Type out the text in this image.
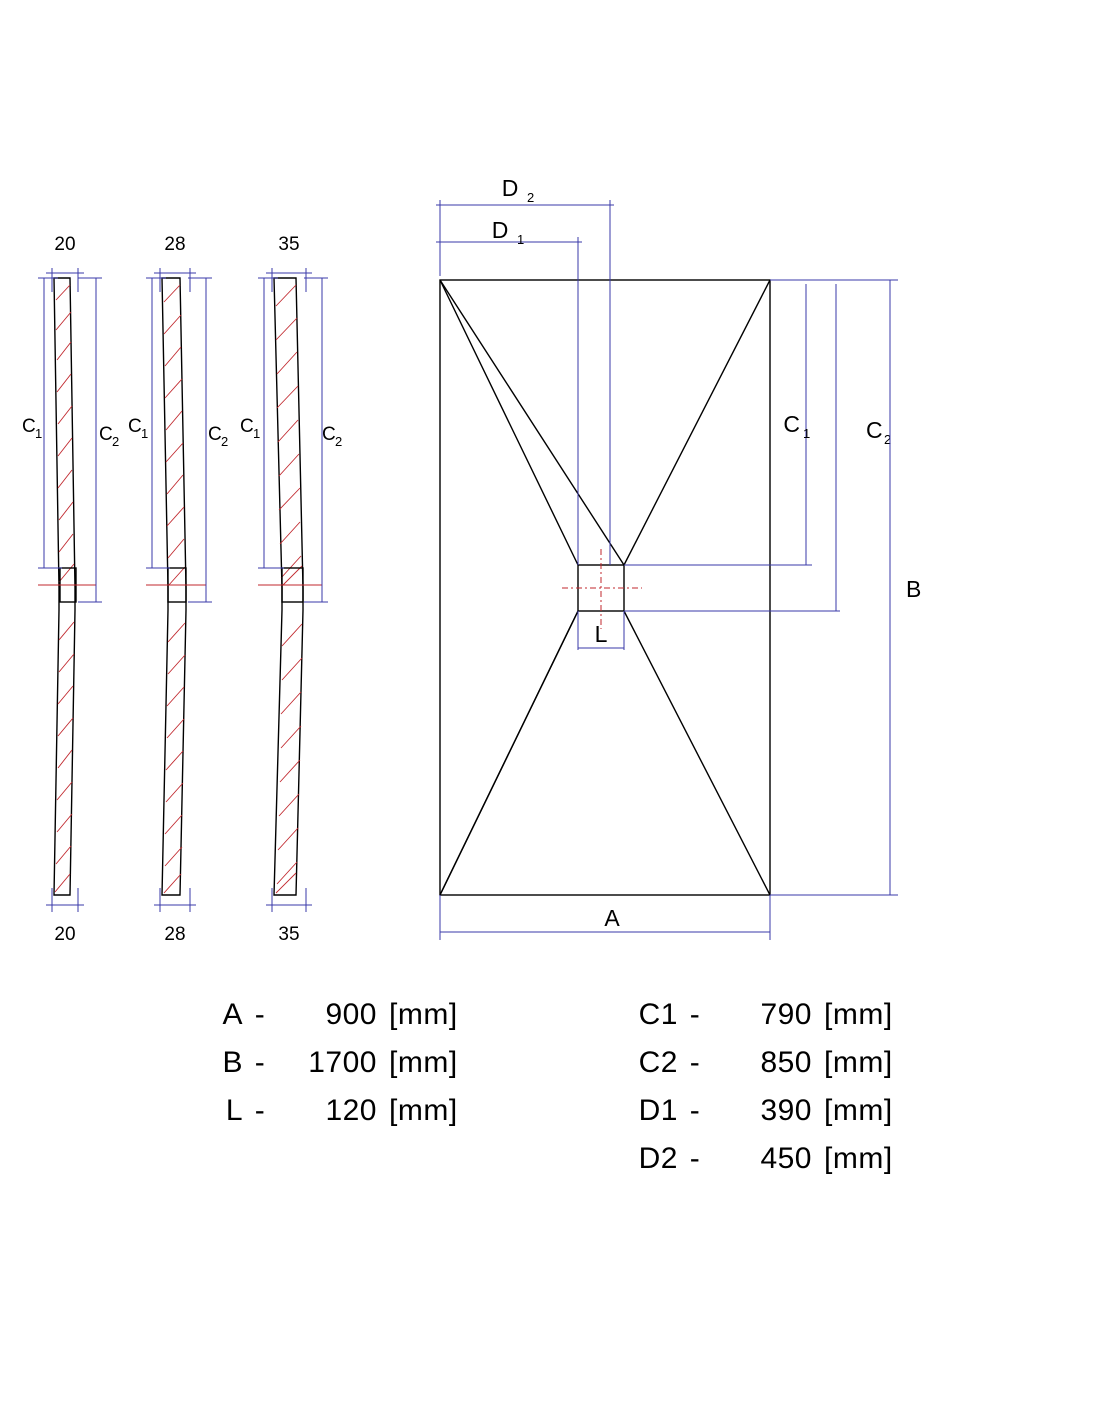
20
20
C 1	C 2
28
28
C 1	C 2
35
35
C 1	C 2
D 2
D 1
C 1 C 2
B
A
L
A -	900 [mm]
B -	1700 [mm]
L -	120 [mm]
C1 -	790 [mm]
C2 -	850 [mm]
D1 -	390 [mm]
D2 -	450 [mm]
